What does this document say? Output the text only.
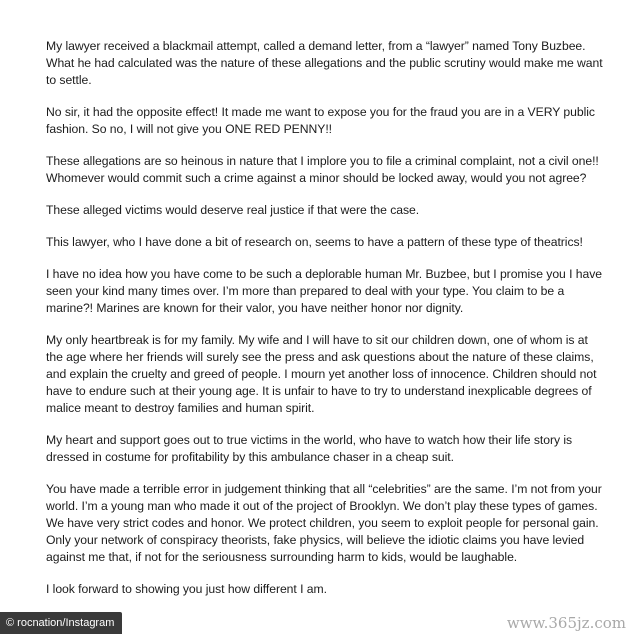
My lawyer received a blackmail attempt, called a demand letter, from a “lawyer” named Tony Buzbee. What he had calculated was the nature of these allegations and the public scrutiny would make me want to settle.

No sir, it had the opposite effect! It made me want to expose you for the fraud you are in a VERY public fashion. So no, I will not give you ONE RED PENNY!!

These allegations are so heinous in nature that I implore you to file a criminal complaint, not a civil one!! Whomever would commit such a crime against a minor should be locked away, would you not agree?

These alleged victims would deserve real justice if that were the case.

This lawyer, who I have done a bit of research on, seems to have a pattern of these type of theatrics!

I have no idea how you have come to be such a deplorable human Mr. Buzbee, but I promise you I have seen your kind many times over. I’m more than prepared to deal with your type. You claim to be a marine?! Marines are known for their valor, you have neither honor nor dignity.

My only heartbreak is for my family. My wife and I will have to sit our children down, one of whom is at the age where her friends will surely see the press and ask questions about the nature of these claims, and explain the cruelty and greed of people. I mourn yet another loss of innocence. Children should not have to endure such at their young age. It is unfair to have to try to understand inexplicable degrees of malice meant to destroy families and human spirit.

My heart and support goes out to true victims in the world, who have to watch how their life story is dressed in costume for profitability by this ambulance chaser in a cheap suit.

You have made a terrible error in judgement thinking that all “celebrities” are the same. I’m not from your world. I’m a young man who made it out of the project of Brooklyn. We don’t play these types of games. We have very strict codes and honor. We protect children, you seem to exploit people for personal gain. Only your network of conspiracy theorists, fake physics, will believe the idiotic claims you have levied against me that, if not for the seriousness surrounding harm to kids, would be laughable.

I look forward to showing you just how different I am.

© rocnation/Instagram	www.365jz.com
